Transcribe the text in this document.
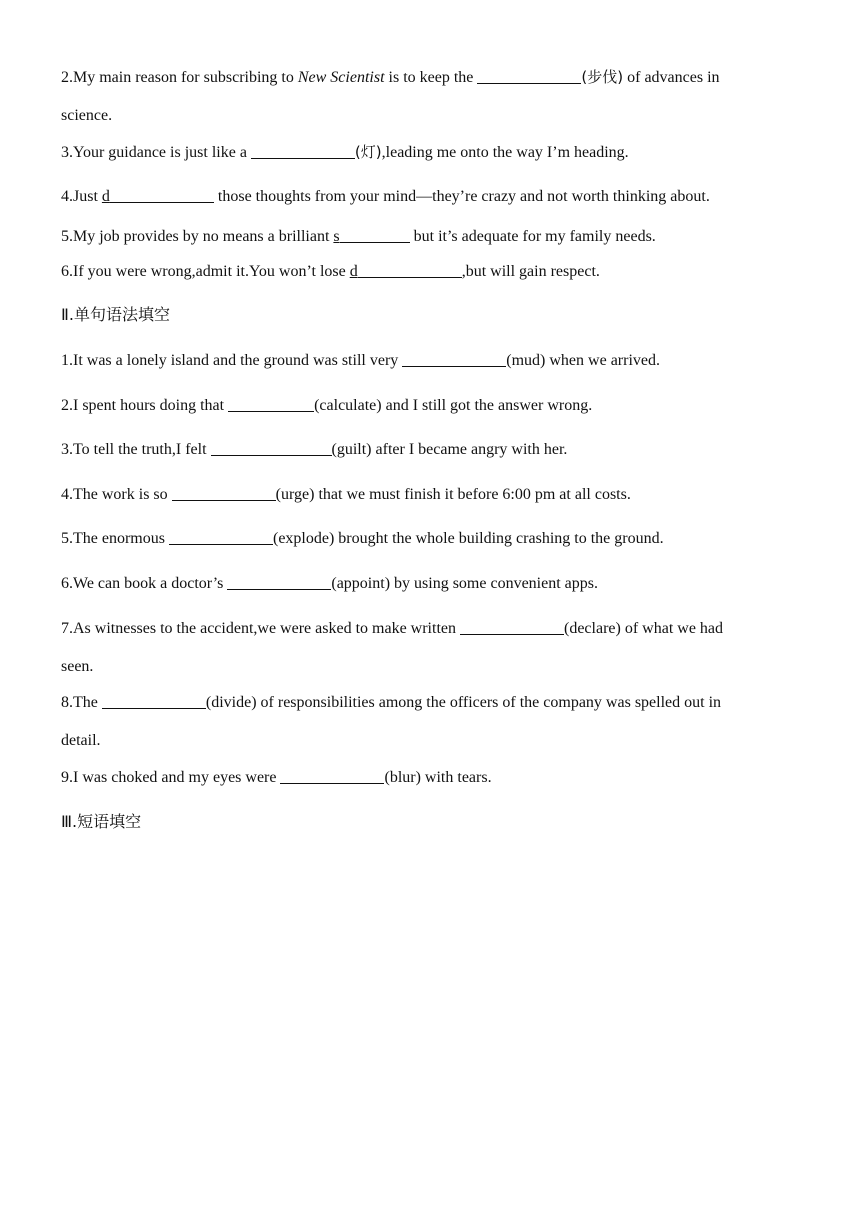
2.My main reason for subscribing to New Scientist is to keep the	(步伐) of advances in
science.
3.Your guidance is just like a	(灯),leading me onto the way I’m heading.
4.Just d	those thoughts from your mind—they’re crazy and not worth thinking about.
5.My job provides by no means a brilliant s	but it’s adequate for my family needs.
6.If you were wrong,admit it.You won’t lose d	,but will gain respect.
Ⅱ.单句语法填空
1.It was a lonely island and the ground was still very	(mud) when we arrived.
2.I spent hours doing that	(calculate) and I still got the answer wrong.
3.To tell the truth,I felt	(guilt) after I became angry with her.
4.The work is so	(urge) that we must finish it before 6:00 pm at all costs.
5.The enormous	(explode) brought the whole building crashing to the ground.
6.We can book a doctor’s	(appoint) by using some convenient apps.
7.As witnesses to the accident,we were asked to make written	(declare) of what we had
seen.
8.The	(divide) of responsibilities among the officers of the company was spelled out in
detail.
9.I was choked and my eyes were	(blur) with tears.
Ⅲ.短语填空
